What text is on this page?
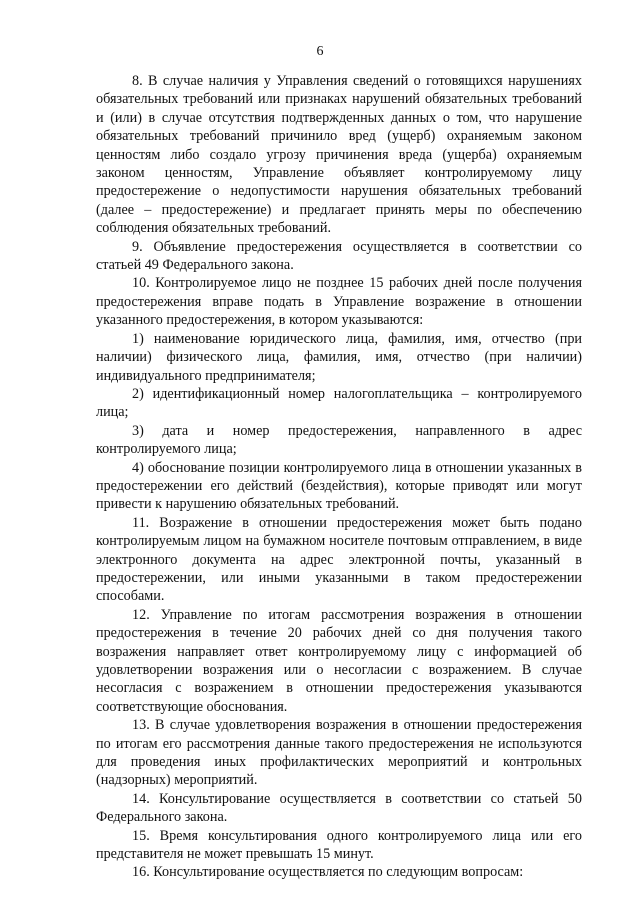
6

8. В случае наличия у Управления сведений о готовящихся нарушениях обязательных требований или признаках нарушений обязательных требований и (или) в случае отсутствия подтвержденных данных о том, что нарушение обязательных требований причинило вред (ущерб) охраняемым законом ценностям либо создало угрозу причинения вреда (ущерба) охраняемым законом ценностям, Управление объявляет контролируемому лицу предостережение о недопустимости нарушения обязательных требований (далее – предостережение) и предлагает принять меры по обеспечению соблюдения обязательных требований.

9. Объявление предостережения осуществляется в соответствии со статьей 49 Федерального закона.

10. Контролируемое лицо не позднее 15 рабочих дней после получения предостережения вправе подать в Управление возражение в отношении указанного предостережения, в котором указываются:

1) наименование юридического лица, фамилия, имя, отчество (при наличии) физического лица, фамилия, имя, отчество (при наличии) индивидуального предпринимателя;

2) идентификационный номер налогоплательщика – контролируемого лица;

3) дата и номер предостережения, направленного в адрес контролируемого лица;

4) обоснование позиции контролируемого лица в отношении указанных в предостережении его действий (бездействия), которые приводят или могут привести к нарушению обязательных требований.

11. Возражение в отношении предостережения может быть подано контролируемым лицом на бумажном носителе почтовым отправлением, в виде электронного документа на адрес электронной почты, указанный в предостережении, или иными указанными в таком предостережении способами.

12. Управление по итогам рассмотрения возражения в отношении предостережения в течение 20 рабочих дней со дня получения такого возражения направляет ответ контролируемому лицу с информацией об удовлетворении возражения или о несогласии с возражением. В случае несогласия с возражением в отношении предостережения указываются соответствующие обоснования.

13. В случае удовлетворения возражения в отношении предостережения по итогам его рассмотрения данные такого предостережения не используются для проведения иных профилактических мероприятий и контрольных (надзорных) мероприятий.

14. Консультирование осуществляется в соответствии со статьей 50 Федерального закона.

15. Время консультирования одного контролируемого лица или его представителя не может превышать 15 минут.

16. Консультирование осуществляется по следующим вопросам:
